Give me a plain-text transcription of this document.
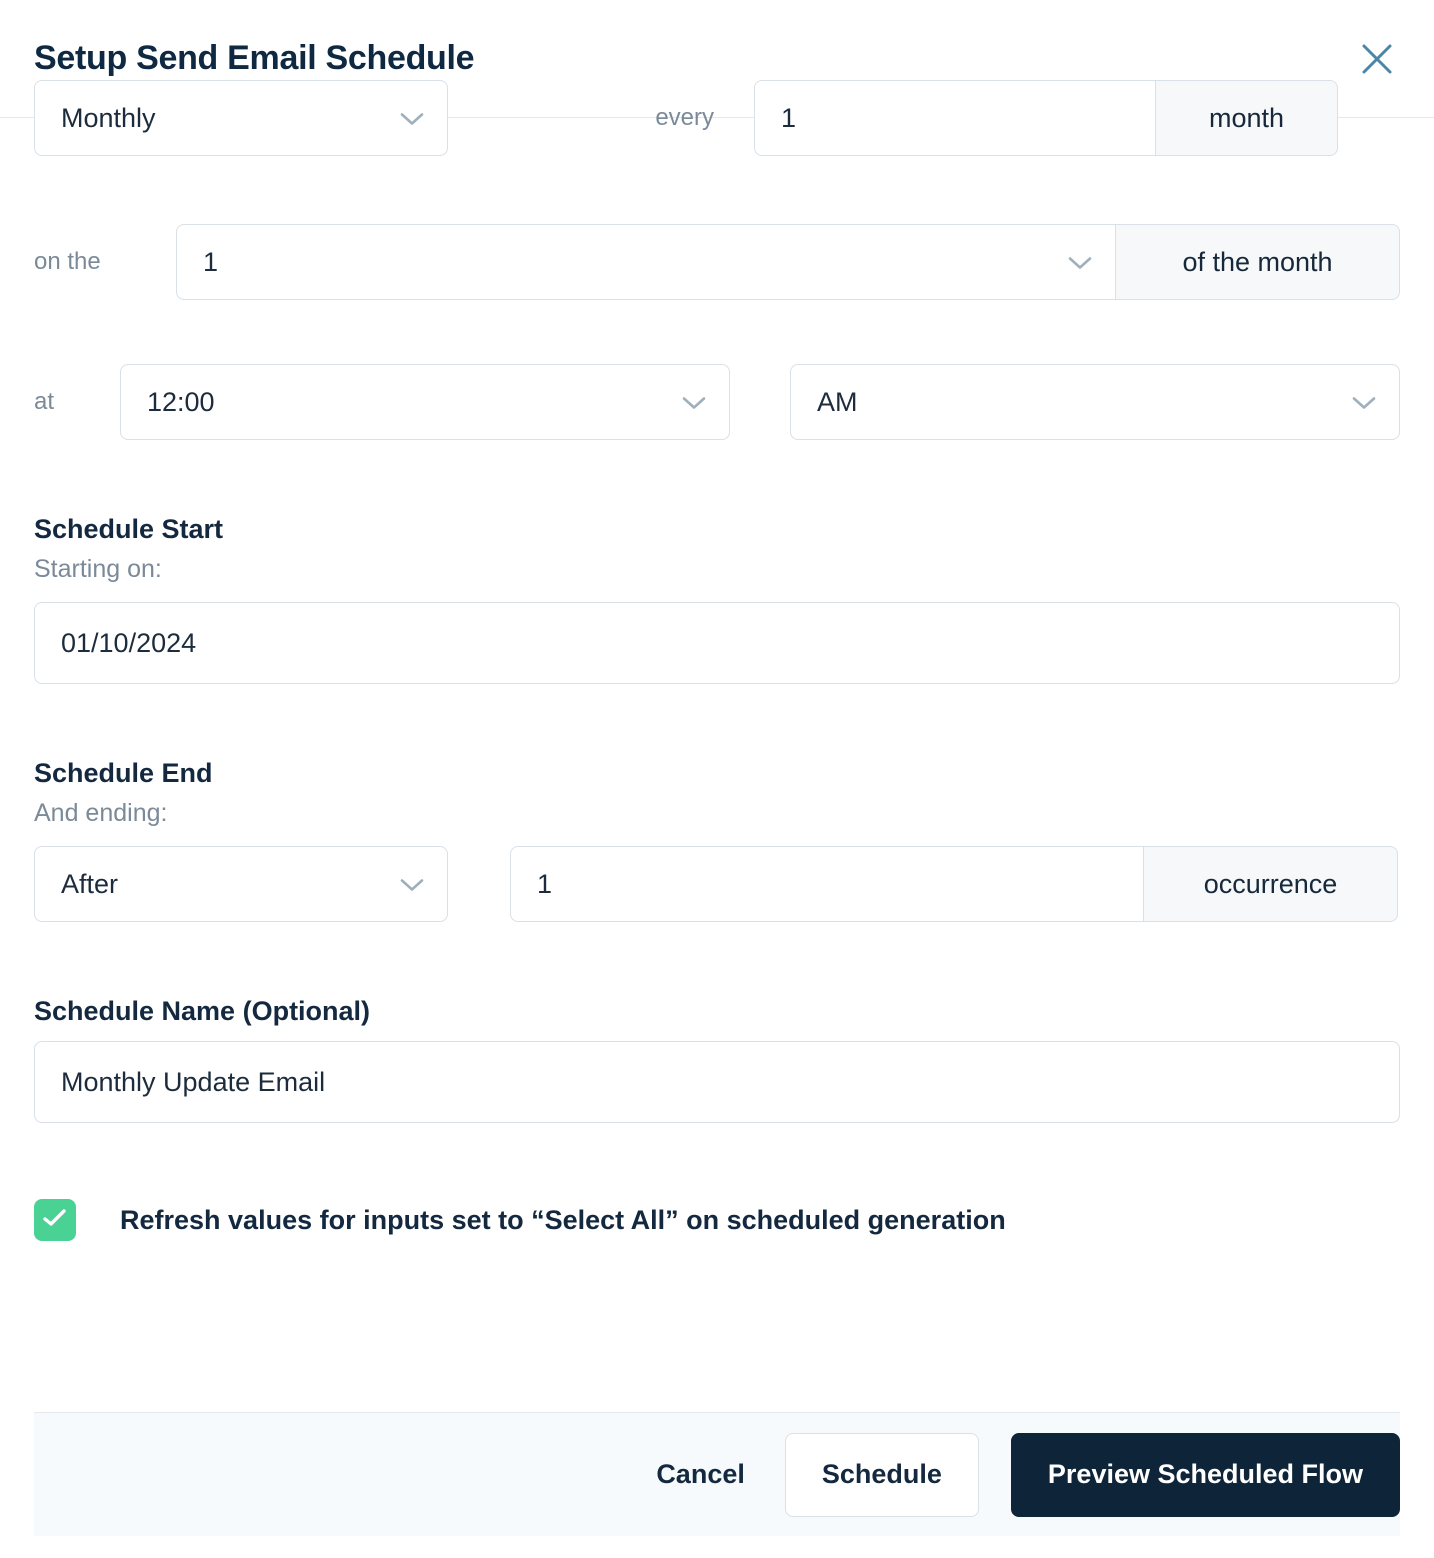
Setup Send Email Schedule
Monthly	every	1	month
on the	1	of the month
at	12:00	AM
Schedule Start
Starting on:
01/10/2024
Schedule End
And ending:
After	1	occurrence
Schedule Name (Optional)
Monthly Update Email
Refresh values for inputs set to “Select All” on scheduled generation
Cancel	Schedule	Preview Scheduled Flow
